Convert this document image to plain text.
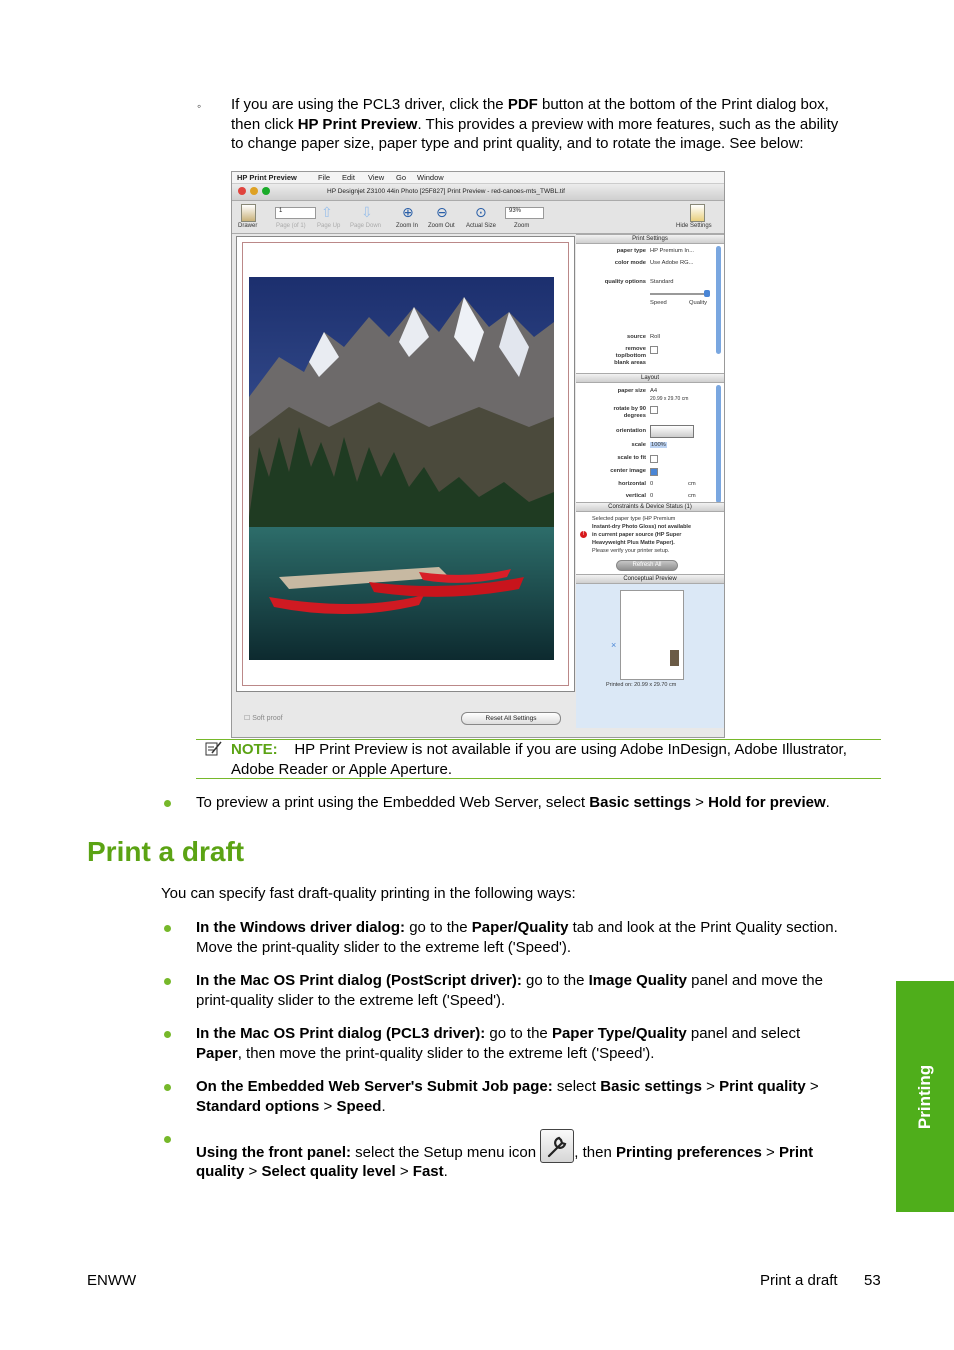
◦ If you are using the PCL3 driver, click the PDF button at the bottom of the Print dialog box,
then click HP Print Preview. This provides a preview with more features, such as the ability
to change paper size, paper type and print quality, and to rotate the image. See below:
HP Print Preview	File Edit View Go Window
HP Designjet Z3100 44in Photo [25F827] Print Preview - red-canoes-mts_TWBL.tif
Drawer
1
Page (of 1)
⇧
Page Up
⇩
Page Down
⊕
Zoom In
⊖
Zoom Out
⊙
Actual Size
93%
Zoom	Hide Settings
☐ Soft proof	Reset All Settings
Print Settings
paper type HP Premium In...
color mode Use Adobe RG...
quality options Standard
Speed	Quality
source Roll
remove
top/bottom
blank areas
Layout
paper size A4
20.99 x 29.70 cm
rotate by 90
degrees
orientation
scale 100%
scale to fit
center image
horizontal 0	cm
vertical 0	cm
Constraints & Device Status (1)
!
Selected paper type (HP Premium
Instant-dry Photo Gloss) not available
in current paper source (HP Super
Heavyweight Plus Matte Paper).
Please verify your printer setup.
Refresh All
Conceptual Preview
×
Printed on: 20.99 x 29.70 cm
NOTE: HP Print Preview is not available if you are using Adobe InDesign, Adobe Illustrator,
Adobe Reader or Apple Aperture.
To preview a print using the Embedded Web Server, select Basic settings > Hold for preview.
Print a draft
You can specify fast draft-quality printing in the following ways:
In the Windows driver dialog: go to the Paper/Quality tab and look at the Print Quality section.
Move the print-quality slider to the extreme left ('Speed').
In the Mac OS Print dialog (PostScript driver): go to the Image Quality panel and move the
print-quality slider to the extreme left ('Speed').
In the Mac OS Print dialog (PCL3 driver): go to the Paper Type/Quality panel and select
Paper, then move the print-quality slider to the extreme left ('Speed').
On the Embedded Web Server's Submit Job page: select Basic settings > Print quality >
Standard options > Speed.
Using the front panel: select the Setup menu icon
, then Printing preferences > Print
quality > Select quality level > Fast.
Printing
ENWW	Print a draft 53
